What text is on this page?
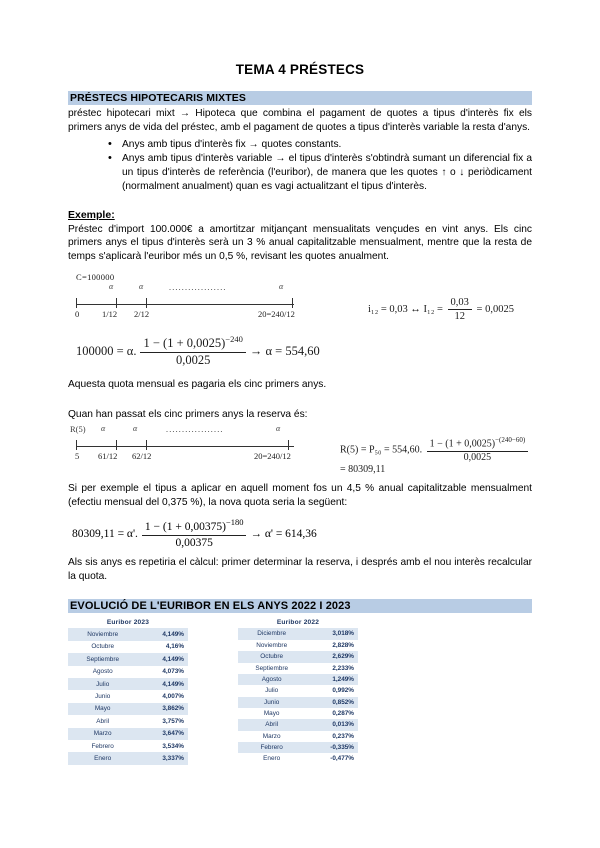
TEMA 4 PRÉSTECS
PRÉSTECS HIPOTECARIS MIXTES

préstec hipotecari mixt → Hipoteca que combina el pagament de quotes a tipus d'interès fix els primers anys de vida del préstec, amb el pagament de quotes a tipus d'interès variable la resta d'anys.

• Anys amb tipus d'interès fix → quotes constants.
• Anys amb tipus d'interès variable → el tipus d'interès s'obtindrà sumant un diferencial fix a un tipus d'interès de referència (l'euribor), de manera que les quotes ↑ o ↓ periòdicament (normalment anualment) quan es vagi actualitzant el tipus d'interès.
Exemple:

Préstec d'import 100.000€ a amortitzar mitjançant mensualitats vençudes en vint anys. Els cinc primers anys el tipus d'interès serà un 3 % anual capitalitzable mensualment, mentre que la resta de temps s'aplicarà l'euribor més un 0,5 %, revisant les quotes anualment.

C=100000
α	α	..................	α
0	1/12 2/12	20=240/12	i₁₂ = 0,03 ↔ $I_{12} = \frac{0,03}{12} = 0,0025$
100000 = α. $\frac{1 - (1 + 0,0025)^{-240}}{0,0025} \to \alpha = 554,60$

Aquesta quota mensual es pagaria els cinc primers anys.

Quan han passat els cinc primers anys la reserva és:

R(5) α	α	..................	α
5 61/12 62/12	20=240/12
R(5) = P₅₀ = 554,60. $\frac{1 - (1 + 0,0025)^{-(240-60)}}{0,0025}$
= 80309,11

Si per exemple el tipus a aplicar en aquell moment fos un 4,5 % anual capitalitzable mensualment (efectiu mensual del 0,375 %), la nova quota seria la següent:

80309,11 = α'. $\frac{1 - (1 + 0,00375)^{-180}}{0,00375} \to \alpha' = 614,36$

Als sis anys es repetiria el càlcul: primer determinar la reserva, i després amb el nou interès recalcular la quota.

EVOLUCIÓ DE L'EURIBOR EN ELS ANYS 2022 I 2023
Euribor 2023
Noviembre	4,149%
Octubre	4,16%
Septiembre	4,149%
Agosto	4,073%
Julio	4,149%
Junio	4,007%
Mayo	3,862%
Abril	3,757%
Marzo	3,647%
Febrero	3,534%
Enero	3,337%
Euribor 2022
Diciembre	3,018%
Noviembre	2,828%
Octubre	2,629%
Septiembre	2,233%
Agosto	1,249%
Julio	0,992%
Junio	0,852%
Mayo	0,287%
Abril	0,013%
Marzo	0,237%
Febrero	-0,335%
Enero	-0,477%
